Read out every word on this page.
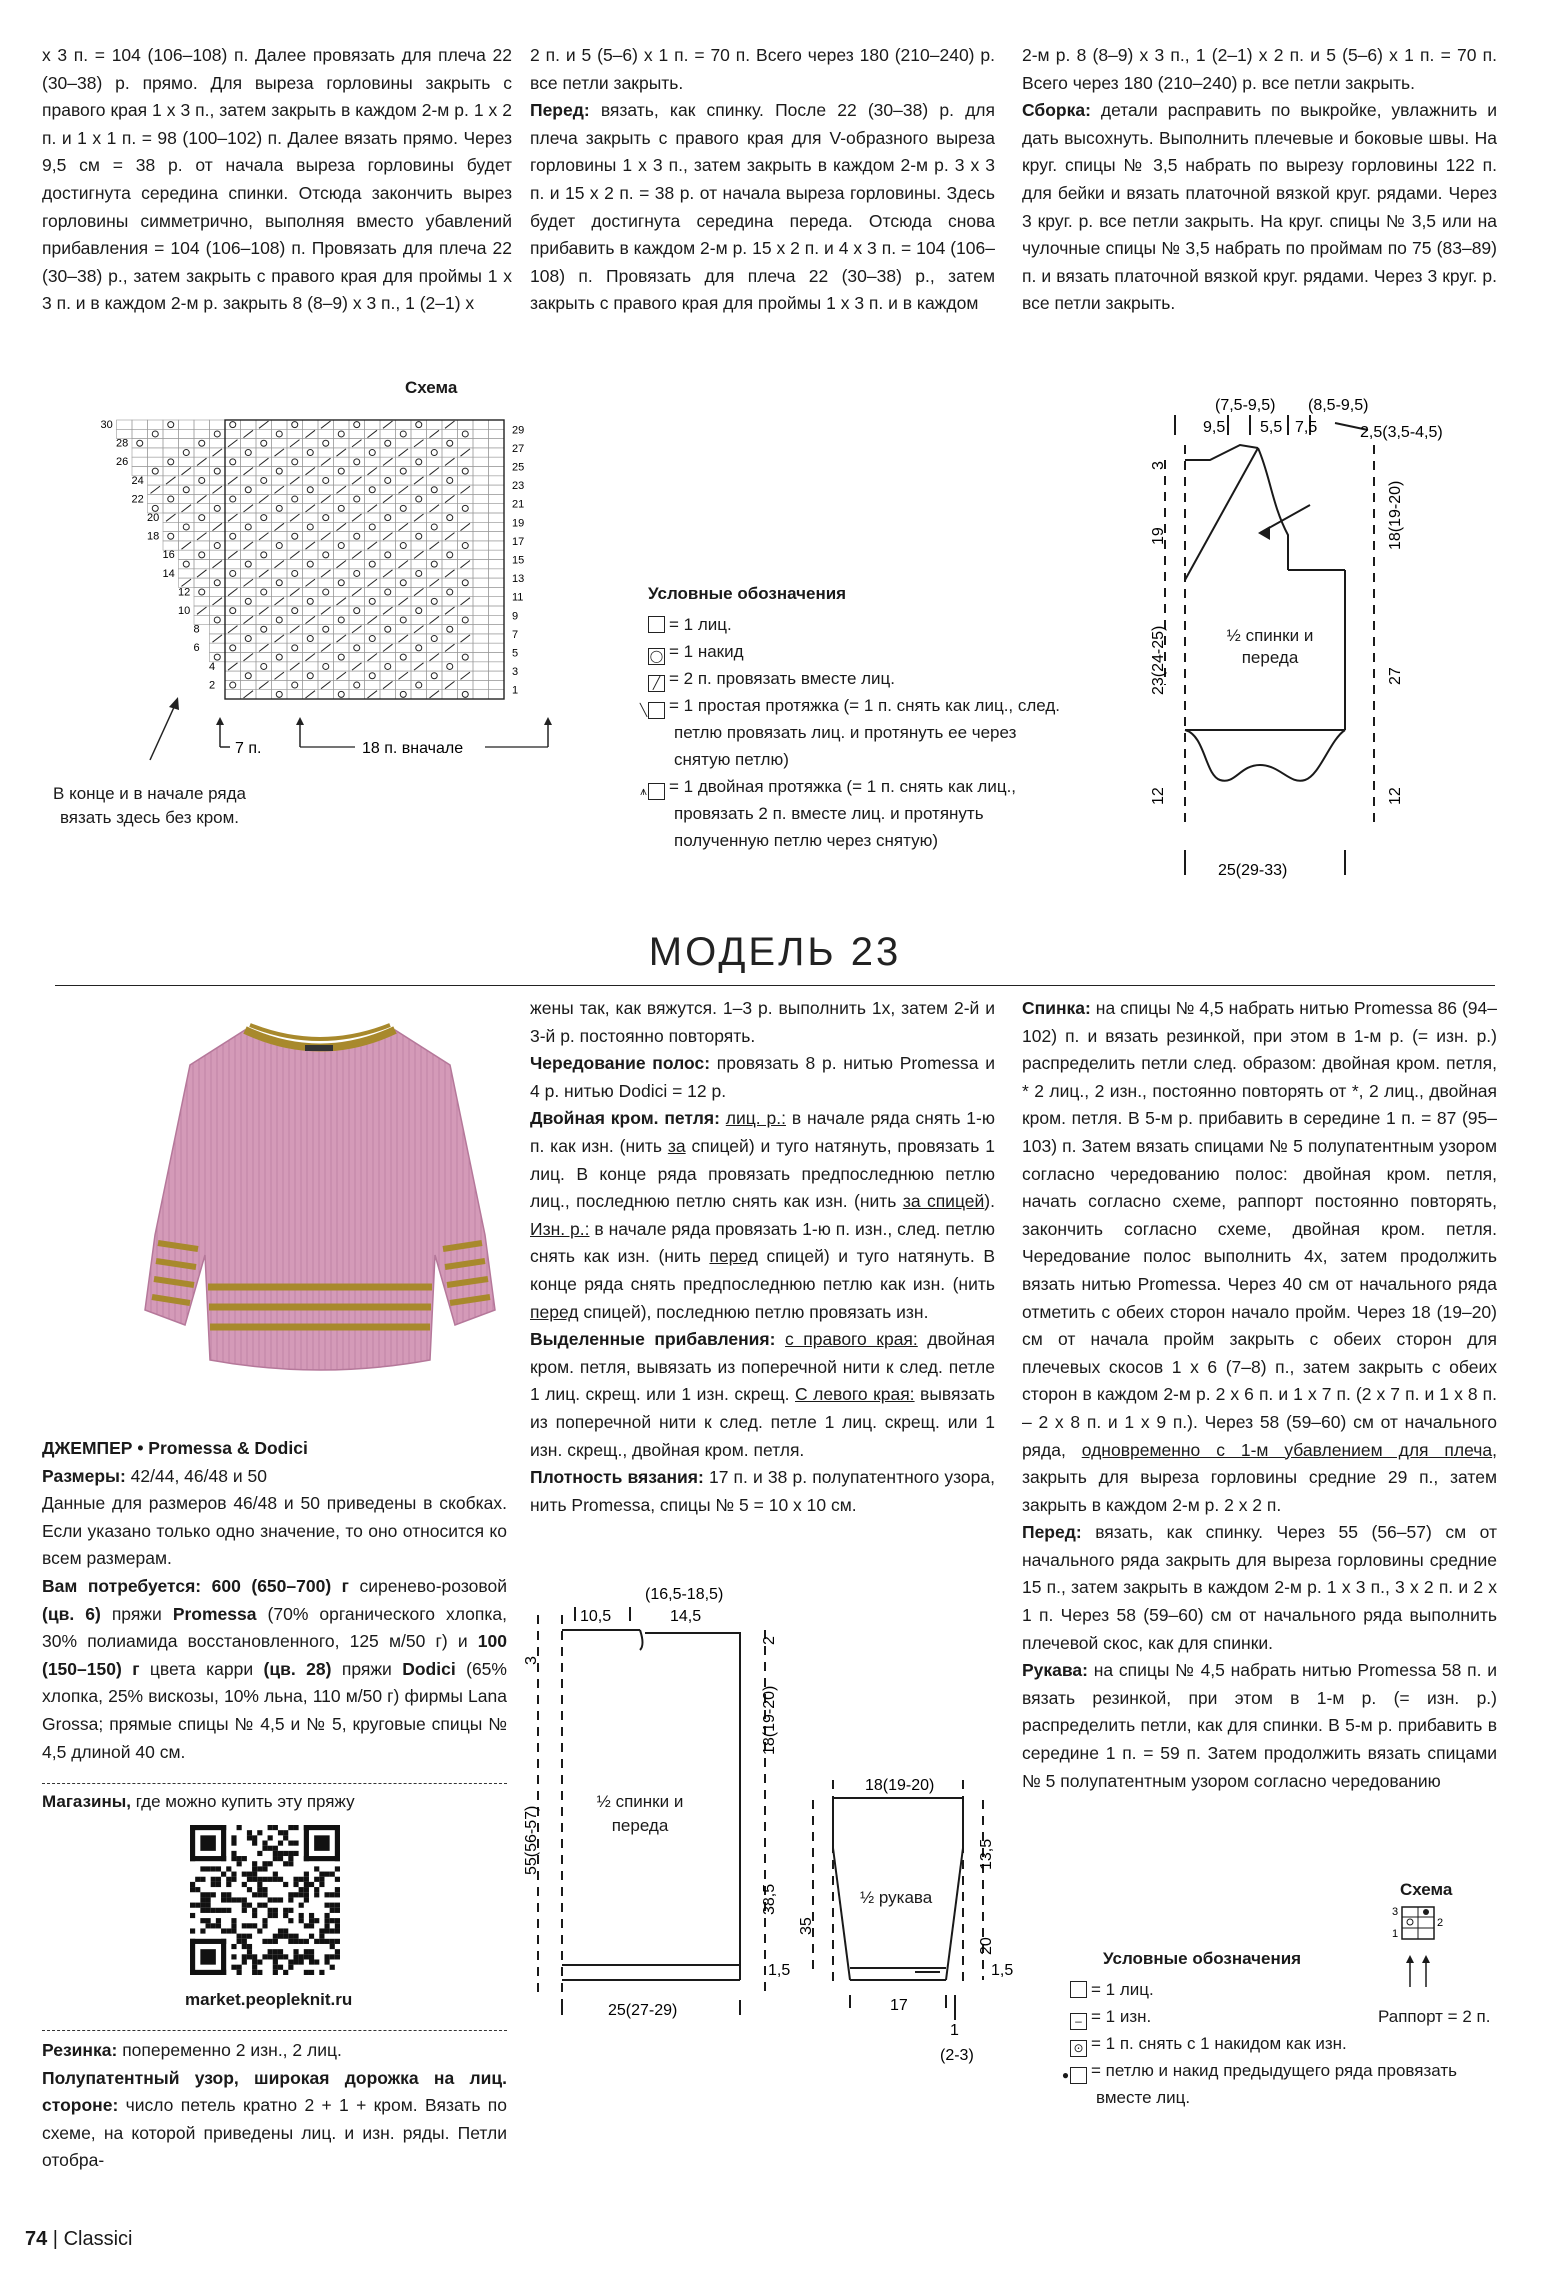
х 3 п. = 104 (106–108) п. Далее провязать для плеча 22 (30–38) р. прямо. Для выреза горловины закрыть с правого края 1 х 3 п., затем закрыть в каждом 2-м р. 1 х 2 п. и 1 х 1 п. = 98 (100–102) п. Далее вязать прямо. Через 9,5 см = 38 р. от начала выреза горловины будет достигнута середина спинки. Отсюда закончить вырез горловины симметрично, выполняя вместо убавлений прибавления = 104 (106–108) п. Провязать для плеча 22 (30–38) р., затем закрыть с правого края для проймы 1 х 3 п. и в каждом 2-м р. закрыть 8 (8–9) х 3 п., 1 (2–1) х

2 п. и 5 (5–6) х 1 п. = 70 п. Всего через 180 (210–240) р. все петли закрыть.

Перед: вязать, как спинку. После 22 (30–38) р. для плеча закрыть с правого края для V-образного выреза горловины 1 х 3 п., затем закрыть в каждом 2-м р. 3 х 3 п. и 15 х 2 п. = 38 р. от начала выреза горловины. Здесь будет достигнута середина переда. Отсюда снова прибавить в каждом 2-м р. 15 х 2 п. и 4 х 3 п. = 104 (106–108) п. Провязать для плеча 22 (30–38) р., затем закрыть с правого края для проймы 1 х 3 п. и в каждом

2-м р. 8 (8–9) х 3 п., 1 (2–1) х 2 п. и 5 (5–6) х 1 п. = 70 п. Всего через 180 (210–240) р. все петли закрыть.

Сборка: детали расправить по выкройке, увлажнить и дать высохнуть. Выполнить плечевые и боковые швы. На круг. спицы № 3,5 набрать по вырезу горловины 122 п. для бейки и вязать платочной вязкой круг. рядами. Через 3 круг. р. все петли закрыть. На круг. спицы № 3,5 или на чулочные спицы № 3,5 набрать по проймам по 75 (83–89) п. и вязать платочной вязкой круг. рядами. Через 3 круг. р. все петли закрыть.

Схема
29
27
25
23
21
19
17
15
13
11
9
7
5
3
1
30
28
26
24
22
20
18
16
14
12
10
8
6
4
2
7 п.	18 п. вначале
В конце и в начале ряда вязать здесь без кром.
Условные обозначения
= 1 лиц.
◯ = 1 накид
╱ = 2 п. провязать вместе лиц.
╲ = 1 простая протяжка (= 1 п. снять как лиц., след. петлю провязать лиц. и протянуть ее через снятую петлю)
⩚ = 1 двойная протяжка (= 1 п. снять как лиц., провязать 2 п. вместе лиц. и протянуть полученную петлю через снятую)
(7,5-9,5) (8,5-9,5)
9,5 5,5 7,5	2,5(3,5-4,5)
3
19	18(19-20)
23(24-25)	27
12	12
25(29-33)
½ спинки и переда
МОДЕЛЬ 23

ДЖЕМПЕР • Promessa & Dodici

Размеры: 42/44, 46/48 и 50

Данные для размеров 46/48 и 50 приведены в скобках. Если указано только одно значение, то оно относится ко всем размерам.

Вам потребуется: 600 (650–700) г сиренево-розовой (цв. 6) пряжи Promessa (70% органического хлопка, 30% полиамида восстановленного, 125 м/50 г) и 100 (150–150) г цвета карри (цв. 28) пряжи Dodici (65% хлопка, 25% вискозы, 10% льна, 110 м/50 г) фирмы Lana Grossa; прямые спицы № 4,5 и № 5, круговые спицы № 4,5 длиной 40 см.

Магазины, где можно купить эту пряжу
market.peopleknit.ru

Резинка: попеременно 2 изн., 2 лиц.

Полупатентный узор, широкая дорожка на лиц. стороне: число петель кратно 2 + 1 + кром. Вязать по схеме, на которой приведены лиц. и изн. ряды. Петли отобра-

жены так, как вяжутся. 1–3 р. выполнить 1х, затем 2-й и 3-й р. постоянно повторять.

Чередование полос: провязать 8 р. нитью Promessa и 4 р. нитью Dodici = 12 р.

Двойная кром. петля: лиц. р.: в начале ряда снять 1-ю п. как изн. (нить за спицей) и туго натянуть, провязать 1 лиц. В конце ряда провязать предпоследнюю петлю лиц., последнюю петлю снять как изн. (нить за спицей). Изн. р.: в начале ряда провязать 1-ю п. изн., след. петлю снять как изн. (нить перед спицей) и туго натянуть. В конце ряда снять предпоследнюю петлю как изн. (нить перед спицей), последнюю петлю провязать изн.

Выделенные прибавления: с правого края: двойная кром. петля, вывязать из поперечной нити к след. петле 1 лиц. скрещ. или 1 изн. скрещ. С левого края: вывязать из поперечной нити к след. петле 1 лиц. скрещ. или 1 изн. скрещ., двойная кром. петля.

Плотность вязания: 17 п. и 38 р. полупатентного узора, нить Promessa, спицы № 5 = 10 х 10 см.

Спинка: на спицы № 4,5 набрать нитью Promessa 86 (94–102) п. и вязать резинкой, при этом в 1-м р. (= изн. р.) распределить петли след. образом: двойная кром. петля, * 2 лиц., 2 изн., постоянно повторять от *, 2 лиц., двойная кром. петля. В 5-м р. прибавить в середине 1 п. = 87 (95–103) п. Затем вязать спицами № 5 полупатентным узором согласно чередованию полос: двойная кром. петля, начать согласно схеме, раппорт постоянно повторять, закончить согласно схеме, двойная кром. петля. Чередование полос выполнить 4х, затем продолжить вязать нитью Promessa. Через 40 см от начального ряда отметить с обеих сторон начало пройм. Через 18 (19–20) см от начала пройм закрыть с обеих сторон для плечевых скосов 1 х 6 (7–8) п., затем закрыть с обеих сторон в каждом 2-м р. 2 х 6 п. и 1 х 7 п. (2 х 7 п. и 1 х 8 п. – 2 х 8 п. и 1 х 9 п.). Через 58 (59–60) см от начального ряда, одновременно с 1-м убавлением для плеча, закрыть для выреза горловины средние 29 п., затем закрыть в каждом 2-м р. 2 х 2 п.

Перед: вязать, как спинку. Через 55 (56–57) см от начального ряда закрыть для выреза горловины средние 15 п., затем закрыть в каждом 2-м р. 1 х 3 п., 3 х 2 п. и 2 х 1 п. Через 58 (59–60) см от начального ряда выполнить плечевой скос, как для спинки.

Рукава: на спицы № 4,5 набрать нитью Promessa 58 п. и вязать резинкой, при этом в 1-м р. (= изн. р.) распределить петли, как для спинки. В 5-м р. прибавить в середине 1 п. = 59 п. Затем продолжить вязать спицами № 5 полупатентным узором согласно чередованию

(16,5-18,5)
10,5	14,5
3
2
18(19-20)
55(56-57)
38,5
25(27-29)
1,5
½ спинки и переда
18(19-20)
13,5
35
20
1,5
17
1
(2-3)
½ рукава
Условные обозначения
= 1 лиц.
– = 1 изн.
⊙ = 1 п. снять с 1 накидом как изн.
● = петлю и накид предыдущего ряда провязать вместе лиц.
Схема
3
2
1
Раппорт = 2 п.
74 | Classici
